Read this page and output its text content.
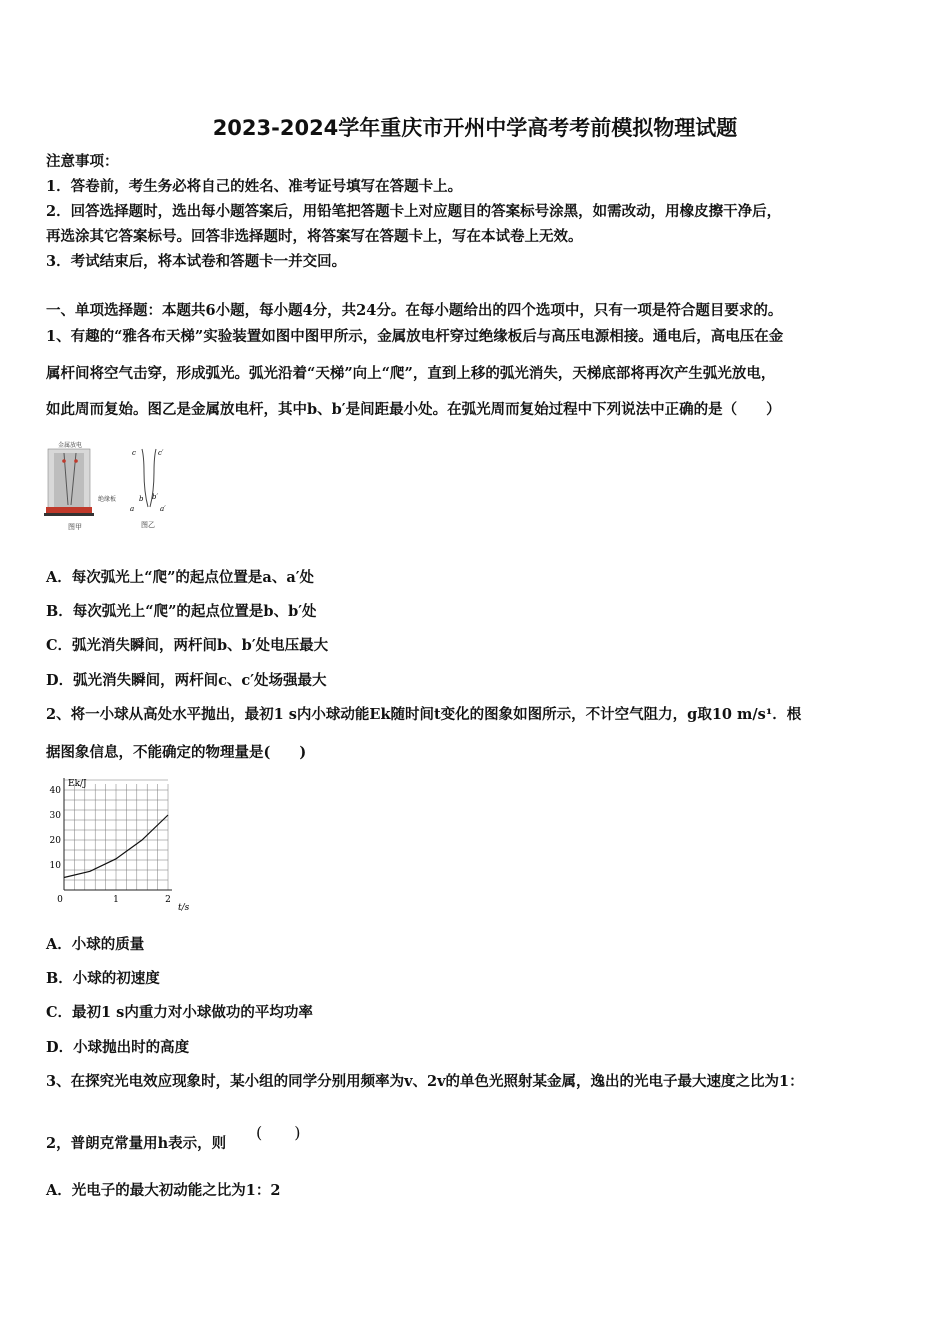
2023-2024学年重庆市开州中学高考考前模拟物理试题
注意事项：
1．答卷前，考生务必将自己的姓名、准考证号填写在答题卡上。
2．回答选择题时，选出每小题答案后，用铅笔把答题卡上对应题目的答案标号涂黑，如需改动，用橡皮擦干净后，
再选涂其它答案标号。回答非选择题时，将答案写在答题卡上，写在本试卷上无效。
3．考试结束后，将本试卷和答题卡一并交回。
一、单项选择题：本题共6小题，每小题4分，共24分。在每小题给出的四个选项中，只有一项是符合题目要求的。
1、有趣的“雅各布天梯”实验装置如图中图甲所示，金属放电杆穿过绝缘板后与高压电源相接。通电后，高电压在金
属杆间将空气击穿，形成弧光。弧光沿着“天梯”向上“爬”，直到上移的弧光消失，天梯底部将再次产生弧光放电，
如此周而复始。图乙是金属放电杆，其中b、b′是间距最小处。在弧光周而复始过程中下列说法中正确的是（　　）
金属放电
绝缘板
图甲
c	c′
b b′
a	a′
图乙
A．每次弧光上“爬”的起点位置是a、a′处
B．每次弧光上“爬”的起点位置是b、b′处
C．弧光消失瞬间，两杆间b、b′处电压最大
D．弧光消失瞬间，两杆间c、c′处场强最大
2、将一小球从高处水平抛出，最初1 s内小球动能Ek随时间t变化的图象如图所示，不计空气阻力，g取10 m/s¹．根
据图象信息，不能确定的物理量是(　　)
10
20
30
40
0	1	2
Ek/J
t/s
A．小球的质量
B．小球的初速度
C．最初1 s内重力对小球做功的平均功率
D．小球抛出时的高度
3、在探究光电效应现象时，某小组的同学分别用频率为v、2v的单色光照射某金属，逸出的光电子最大速度之比为1：
2，普朗克常量用h表示，则
(　　)
A．光电子的最大初动能之比为1：2
